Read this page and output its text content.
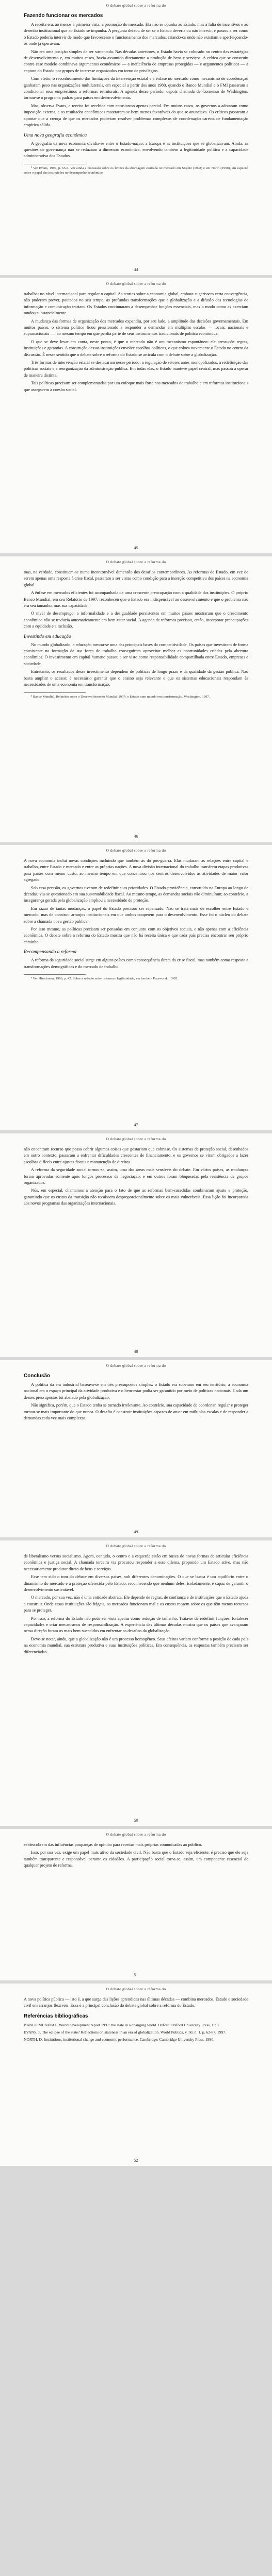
O debate global sobre a reforma do
Fazendo funcionar os mercados

A receita era, ao menos à primeira vista, a promoção do mercado. Ela não se opunha ao Estado, mas à falta de incentivos e ao desenho institucional que ao Estado se impunha. A pergunta deixou de ser se o Estado deveria ou não intervir, e passou a ser como o Estado poderia intervir de modo que favorecesse o funcionamento dos mercados, criando-os onde não existiam e aperfeiçoando-os onde já operavam.

Não era uma posição simples de ser sustentada. Nas décadas anteriores, o Estado havia se colocado no centro das estratégias de desenvolvimento e, em muitos casos, havia assumido diretamente a produção de bens e serviços. A crítica que se construiu contra esse modelo combinava argumentos econômicos — a ineficiência de empresas protegidas — e argumentos políticos — a captura do Estado por grupos de interesse organizados em torno de privilégios.

Com efeito, o reconhecimento das limitações da intervenção estatal e a ênfase no mercado como mecanismo de coordenação ganharam peso nas organizações multilaterais, em especial a partir dos anos 1980, quando o Banco Mundial e o FMI passaram a condicionar seus empréstimos a reformas estruturais. A agenda desse período, depois chamada de Consenso de Washington, tornou-se o programa padrão para países em desenvolvimento.

Mas, observa Evans, a receita foi recebida com entusiasmo apenas parcial. Em muitos casos, os governos a adotaram como imposição externa, e os resultados econômicos mostraram-se bem menos favoráveis do que se anunciava. Os críticos passaram a apontar que a crença de que os mercados poderiam resolver problemas complexos de coordenação carecia de fundamentação empírica sólida.

Uma nova geografia econômica

A geografia da nova economia dividia-se entre o Estado-nação, a Europa e as instituições que se globalizavam. Ainda, as questões de governança não se reduziam à dimensão econômica, envolvendo também a legitimidade política e a capacidade administrativa dos Estados.

² Ver Evans, 1997, p. 65-6. Ver ainda a discussão sobre os limites da abordagem centrada no mercado em Stiglitz (1998) e em North (1990), em especial sobre o papel das instituições no desempenho econômico.

44
O debate global sobre a reforma do

trabalhar no nível internacional para regular o capital. As teorias sobre a economia global, embora sugerissem certa convergência, não puderam prever, pautados no seu tempo, as profundas transformações que a globalização e a difusão das tecnologias de informação e comunicação trariam. Os Estados continuaram a desempenhar funções essenciais, mas o modo como as exerciam mudou substancialmente.

A mudança das formas de organização dos mercados expandiu, por seu lado, a amplitude das decisões governamentais. Em muitos países, o sistema político ficou pressionado a responder a demandas em múltiplas escalas — locais, nacionais e supranacionais —, ao mesmo tempo em que perdia parte de seus instrumentos tradicionais de política econômica.

O que se deve levar em conta, neste ponto, é que o mercado não é um mecanismo espontâneo: ele pressupõe regras, instituições e garantias. A construção dessas instituições envolve escolhas políticas, o que coloca novamente o Estado no centro da discussão. É nesse sentido que o debate sobre a reforma do Estado se articula com o debate sobre a globalização.

Três formas de intervenção estatal se destacaram nesse período: a regulação de setores antes monopolizados, a redefinição das políticas sociais e a reorganização da administração pública. Em todas elas, o Estado manteve papel central, mas passou a operar de maneira distinta.

Tais políticas precisam ser complementadas por um enfoque mais forte nos mercados de trabalho e em reformas institucionais que assegurem a coesão social.

45
O debate global sobre a reforma do

mas, na verdade, constituem-se numa incontornável dimensão dos desafios contemporâneos. As reformas do Estado, em vez de serem apenas uma resposta à crise fiscal, passaram a ser vistas como condição para a inserção competitiva dos países na economia global.

A ênfase em mercados eficientes foi acompanhada de uma crescente preocupação com a qualidade das instituições. O próprio Banco Mundial, em seu Relatório de 1997, reconheceu que o Estado era indispensável ao desenvolvimento e que o problema não era seu tamanho, mas sua capacidade.

O nível de desemprego, a informalidade e a desigualdade persistentes em muitos países mostraram que o crescimento econômico não se traduzia automaticamente em bem-estar social. A agenda de reformas precisou, então, incorporar preocupações com a equidade e a inclusão.

Investindo em educação

No mundo globalizado, a educação tornou-se uma das principais bases da competitividade. Os países que investiram de forma consistente na formação de sua força de trabalho conseguiram aproveitar melhor as oportunidades criadas pela abertura econômica. O investimento em capital humano passou a ser visto como responsabilidade compartilhada entre Estado, empresas e sociedade.

Entretanto, os resultados desse investimento dependem de políticas de longo prazo e da qualidade da gestão pública. Não basta ampliar o acesso: é necessário garantir que o ensino seja relevante e que os sistemas educacionais respondam às necessidades de uma economia em transformação.

³ Banco Mundial, Relatório sobre o Desenvolvimento Mundial 1997: o Estado num mundo em transformação. Washington, 1997.

46
O debate global sobre a reforma do

A nova economia inclui novas condições incluindo que também as do pós-guerra. Elas mudaram as relações entre capital e trabalho, entre Estado e mercado e entre as próprias nações. A nova divisão internacional do trabalho transferiu etapas produtivas para países com menor custo, ao mesmo tempo em que concentrou nos centros desenvolvidos as atividades de maior valor agregado.

Sob essa pressão, os governos tiveram de redefinir suas prioridades. O Estado-providência, construído na Europa ao longo de décadas, viu-se questionado em sua sustentabilidade fiscal. Ao mesmo tempo, as demandas sociais não diminuíram; ao contrário, a insegurança gerada pela globalização ampliou a necessidade de proteção.

Em razão de tantas mudanças, o papel do Estado precisou ser repensado. Não se trata mais de escolher entre Estado e mercado, mas de construir arranjos institucionais em que ambos cooperem para o desenvolvimento. Esse foi o núcleo do debate sobre a chamada nova gestão pública.

Por isso mesmo, as políticas precisam ser pensadas em conjunto com os objetivos sociais, e não apenas com a eficiência econômica. O debate sobre a reforma do Estado mostra que não há receita única e que cada país precisa encontrar seu próprio caminho.

Recompensando a reforma

A reforma da seguridade social surge em alguns países como consequência direta da crise fiscal, mas também como resposta a transformações demográficas e do mercado de trabalho.

⁴ Ver Hirschman, 1986, p. 42. Sobre a relação entre reforma e legitimidade, ver também Przeworski, 1995.

47
O debate global sobre a reforma do

não encontram recurso que possa cobrir algumas coisas que gostariam que cobrisse. Os sistemas de proteção social, desenhados em outro contexto, passaram a enfrentar dificuldades crescentes de financiamento, e os governos se viram obrigados a fazer escolhas difíceis entre ajustes fiscais e manutenção de direitos.

A reforma da seguridade social tornou-se, assim, uma das áreas mais sensíveis do debate. Em vários países, as mudanças foram aprovadas somente após longos processos de negociação, e em outros foram bloqueadas pela resistência de grupos organizados.

Nós, em especial, chamamos a atenção para o fato de que as reformas bem-sucedidas combinaram ajuste e proteção, garantindo que os custos da transição não recaíssem desproporcionalmente sobre os mais vulneráveis. Essa lição foi incorporada aos novos programas das organizações internacionais.

48
O debate global sobre a reforma do
Conclusão

A política da era industrial baseava-se em três pressupostos simples: o Estado era soberano em seu território, a economia nacional era o espaço principal da atividade produtiva e o bem-estar podia ser garantido por meio de políticas nacionais. Cada um desses pressupostos foi abalado pela globalização.

Não significa, porém, que o Estado tenha se tornado irrelevante. Ao contrário, sua capacidade de coordenar, regular e proteger tornou-se mais importante do que nunca. O desafio é construir instituições capazes de atuar em múltiplas escalas e de responder a demandas cada vez mais complexas.

49
O debate global sobre a reforma do

de liberalismo versus socialismo. Agora, contudo, o centro e a esquerda estão em busca de novas formas de articular eficiência econômica e justiça social. A chamada terceira via procurou responder a esse dilema, propondo um Estado ativo, mas não necessariamente produtor direto de bens e serviços.

Esse tem sido o tom do debate em diversos países, sob diferentes denominações. O que se busca é um equilíbrio entre o dinamismo do mercado e a proteção oferecida pelo Estado, reconhecendo que nenhum deles, isoladamente, é capaz de garantir o desenvolvimento sustentável.

O mercado, por sua vez, não é uma entidade abstrata. Ele depende de regras, de confiança e de instituições que o Estado ajuda a construir. Onde essas instituições são frágeis, os mercados funcionam mal e os custos recaem sobre os que têm menos recursos para se proteger.

Por isso, a reforma do Estado não pode ser vista apenas como redução de tamanho. Trata-se de redefinir funções, fortalecer capacidades e criar mecanismos de responsabilização. A experiência das últimas décadas mostra que os países que avançaram nessa direção foram os mais bem-sucedidos em enfrentar os desafios da globalização.

Deve-se notar, ainda, que a globalização não é um processo homogêneo. Seus efeitos variam conforme a posição de cada país na economia mundial, sua estrutura produtiva e suas instituições políticas. Em consequência, as respostas também precisam ser diferenciadas.

50
O debate global sobre a reforma do

se descobrem das influências poupanças de opinião para receitas mais próprias comunicadas ao público.

Isso, por sua vez, exige um papel mais ativo da sociedade civil. Não basta que o Estado seja eficiente: é preciso que ele seja também transparente e responsável perante os cidadãos. A participação social torna-se, assim, um componente essencial de qualquer projeto de reforma.

51
O debate global sobre a reforma do

A nova política pública — isto é, a que surge das lições aprendidas nas últimas décadas — combina mercados, Estado e sociedade civil em arranjos flexíveis. Essa é a principal conclusão do debate global sobre a reforma do Estado.

Referências bibliográficas

BANCO MUNDIAL. World development report 1997: the state in a changing world. Oxford: Oxford University Press, 1997.

EVANS, P. The eclipse of the state? Reflections on stateness in an era of globalization. World Politics, v. 50, n. 1, p. 62-87, 1997.

NORTH, D. Institutions, institutional change and economic performance. Cambridge: Cambridge University Press, 1990.

52
